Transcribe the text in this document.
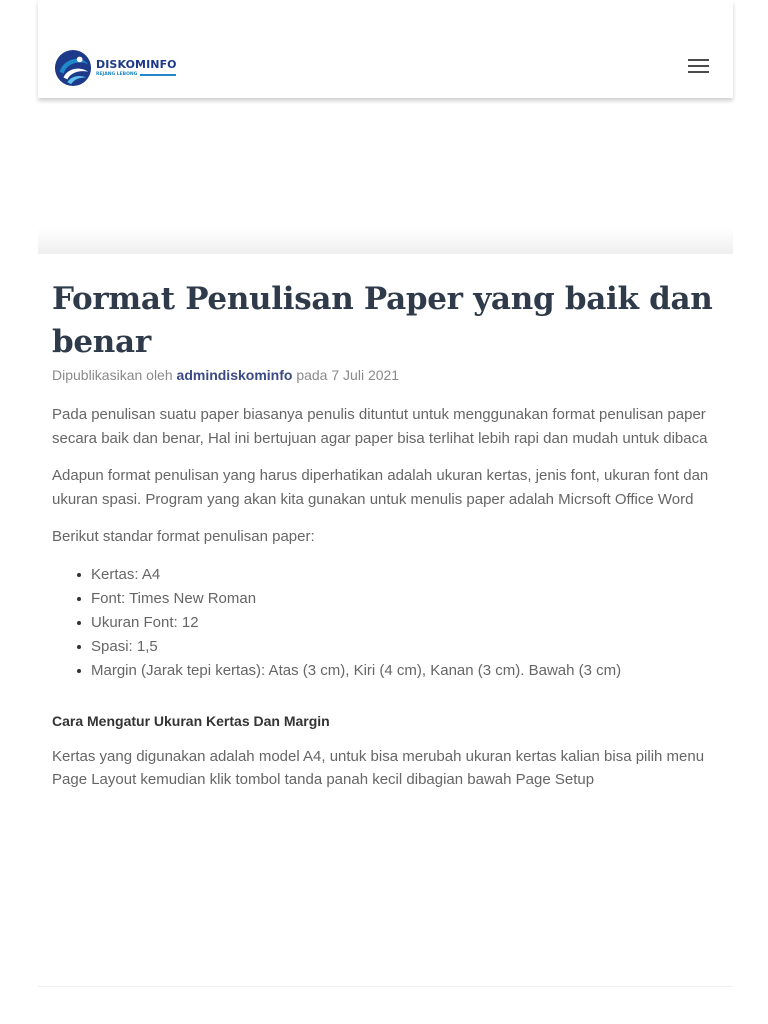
DISKOMINFO
REJANG LEBONG
Format Penulisan Paper yang baik dan benar
Dipublikasikan oleh admindiskominfo pada 7 Juli 2021

Pada penulisan suatu paper biasanya penulis dituntut untuk menggunakan format penulisan paper secara baik dan benar, Hal ini bertujuan agar paper bisa terlihat lebih rapi dan mudah untuk dibaca

Adapun format penulisan yang harus diperhatikan adalah ukuran kertas, jenis font, ukuran font dan ukuran spasi. Program yang akan kita gunakan untuk menulis paper adalah Micrsoft Office Word

Berikut standar format penulisan paper:

Kertas: A4
Font: Times New Roman
Ukuran Font: 12
Spasi: 1,5
Margin (Jarak tepi kertas): Atas (3 cm), Kiri (4 cm), Kanan (3 cm). Bawah (3 cm)
Cara Mengatur Ukuran Kertas Dan Margin

Kertas yang digunakan adalah model A4, untuk bisa merubah ukuran kertas kalian bisa pilih menu Page Layout kemudian klik tombol tanda panah kecil dibagian bawah Page Setup
